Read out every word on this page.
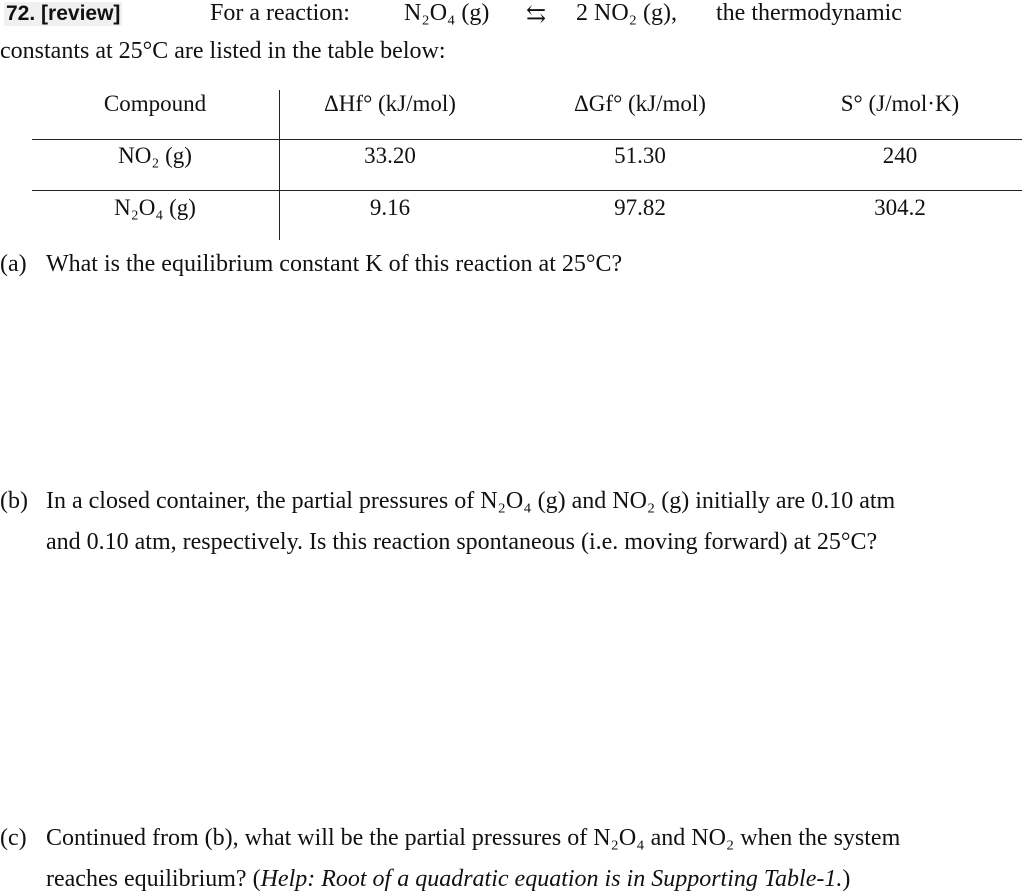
72. [review]	For a reaction: N₂O₄ (g) ⇆ 2 NO₂ (g), the thermodynamic
constants at 25°C are listed in the table below:
Compound	ΔHf° (kJ/mol)	ΔGf° (kJ/mol)	S° (J/mol·K)
NO₂ (g)	33.20	51.30	240
N₂O₄ (g)	9.16	97.82	304.2
(a) What is the equilibrium constant K of this reaction at 25°C?
(b) In a closed container, the partial pressures of N₂O₄ (g) and NO₂ (g) initially are 0.10 atm
and 0.10 atm, respectively. Is this reaction spontaneous (i.e. moving forward) at 25°C?
(c) Continued from (b), what will be the partial pressures of N₂O₄ and NO₂ when the system
reaches equilibrium? (Help: Root of a quadratic equation is in Supporting Table-1.)
